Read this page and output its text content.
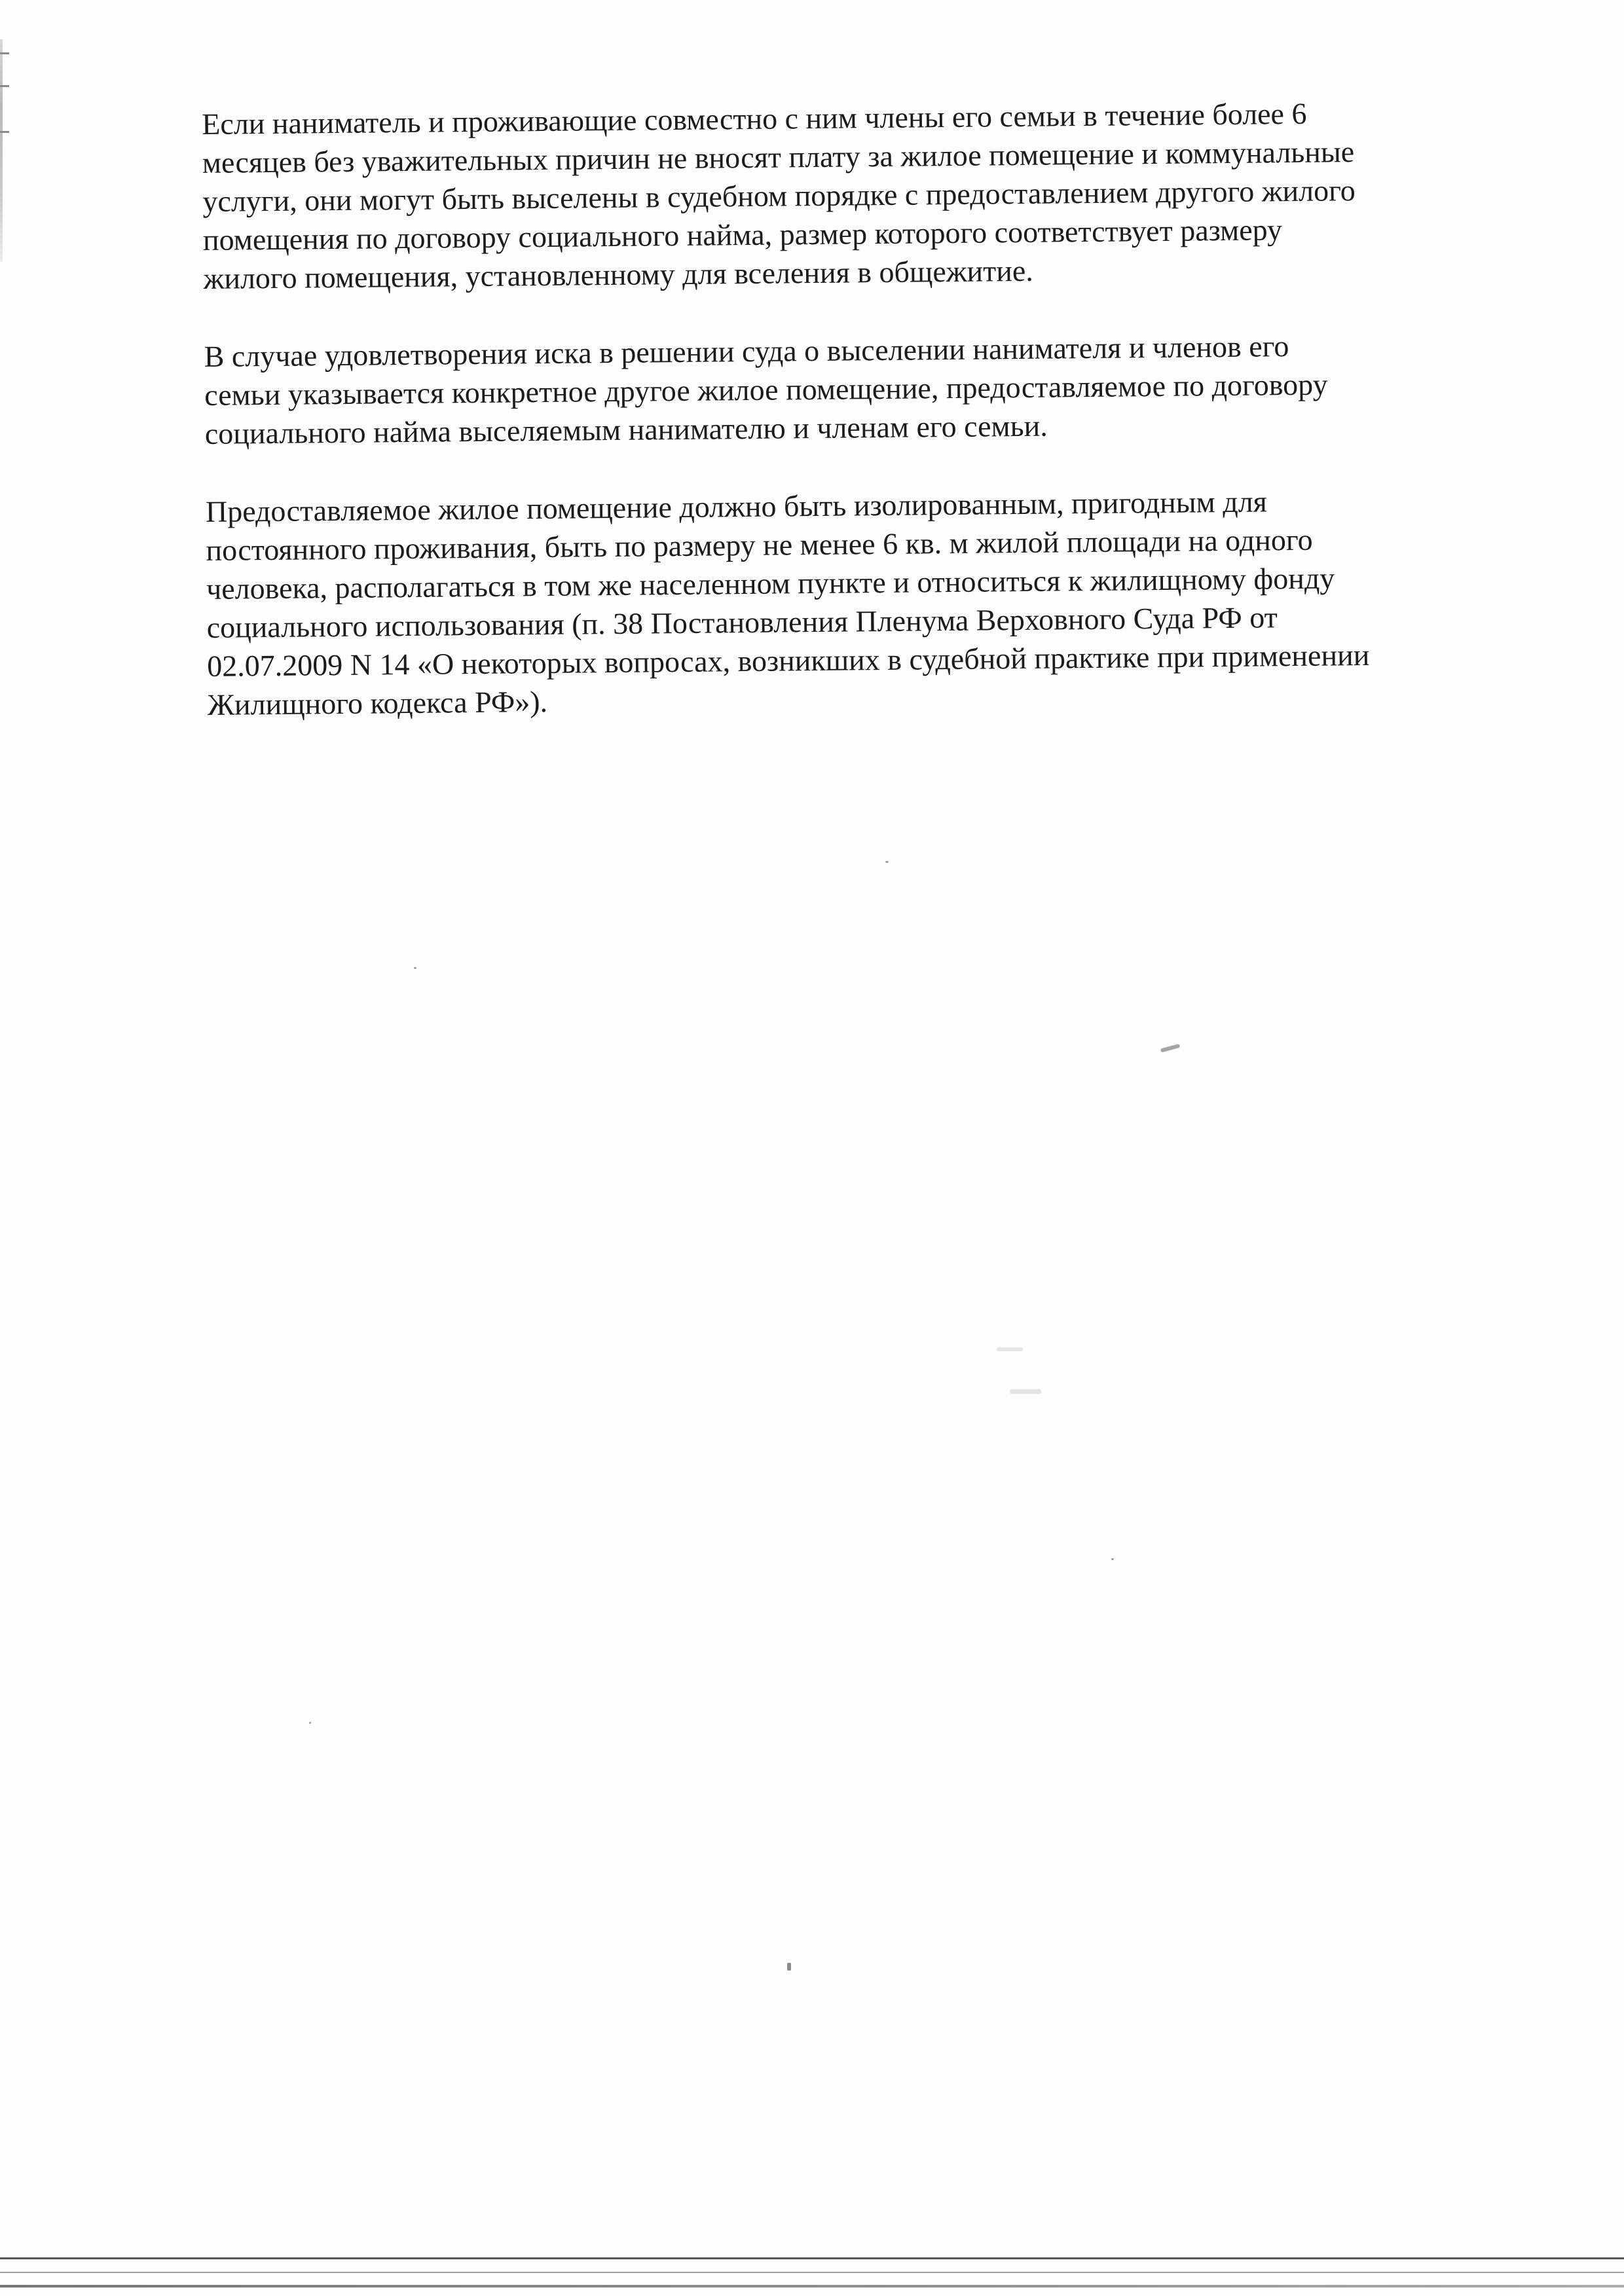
Если наниматель и проживающие совместно с ним члены его семьи в течение более 6
месяцев без уважительных причин не вносят плату за жилое помещение и коммунальные
услуги, они могут быть выселены в судебном порядке с предоставлением другого жилого
помещения по договору социального найма, размер которого соответствует размеру
жилого помещения, установленному для вселения в общежитие.

В случае удовлетворения иска в решении суда о выселении нанимателя и членов его
семьи указывается конкретное другое жилое помещение, предоставляемое по договору
социального найма выселяемым нанимателю и членам его семьи.

Предоставляемое жилое помещение должно быть изолированным, пригодным для
постоянного проживания, быть по размеру не менее 6 кв. м жилой площади на одного
человека, располагаться в том же населенном пункте и относиться к жилищному фонду
социального использования (п. 38 Постановления Пленума Верховного Суда РФ от
02.07.2009 N 14 «О некоторых вопросах, возникших в судебной практике при применении
Жилищного кодекса РФ»).
